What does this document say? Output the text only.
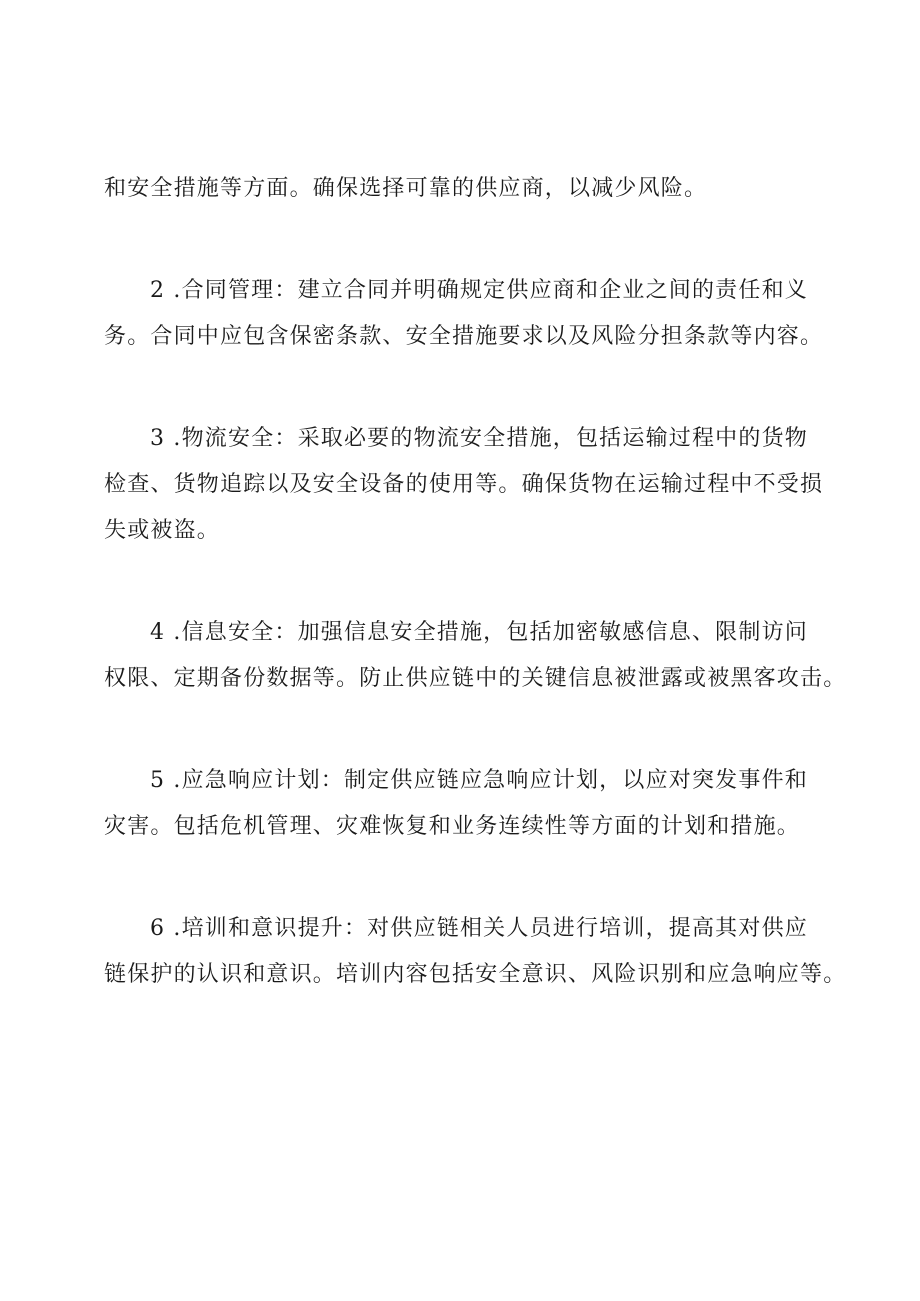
和安全措施等方面。确保选择可靠的供应商，以减少风险。
2 .合同管理：建立合同并明确规定供应商和企业之间的责任和义
务。合同中应包含保密条款、安全措施要求以及风险分担条款等内容。
3 .物流安全：采取必要的物流安全措施，包括运输过程中的货物
检查、货物追踪以及安全设备的使用等。确保货物在运输过程中不受损
失或被盗。
4 .信息安全：加强信息安全措施，包括加密敏感信息、限制访问
权限、定期备份数据等。防止供应链中的关键信息被泄露或被黑客攻击。
5 .应急响应计划：制定供应链应急响应计划，以应对突发事件和
灾害。包括危机管理、灾难恢复和业务连续性等方面的计划和措施。
6 .培训和意识提升：对供应链相关人员进行培训，提高其对供应
链保护的认识和意识。培训内容包括安全意识、风险识别和应急响应等。
